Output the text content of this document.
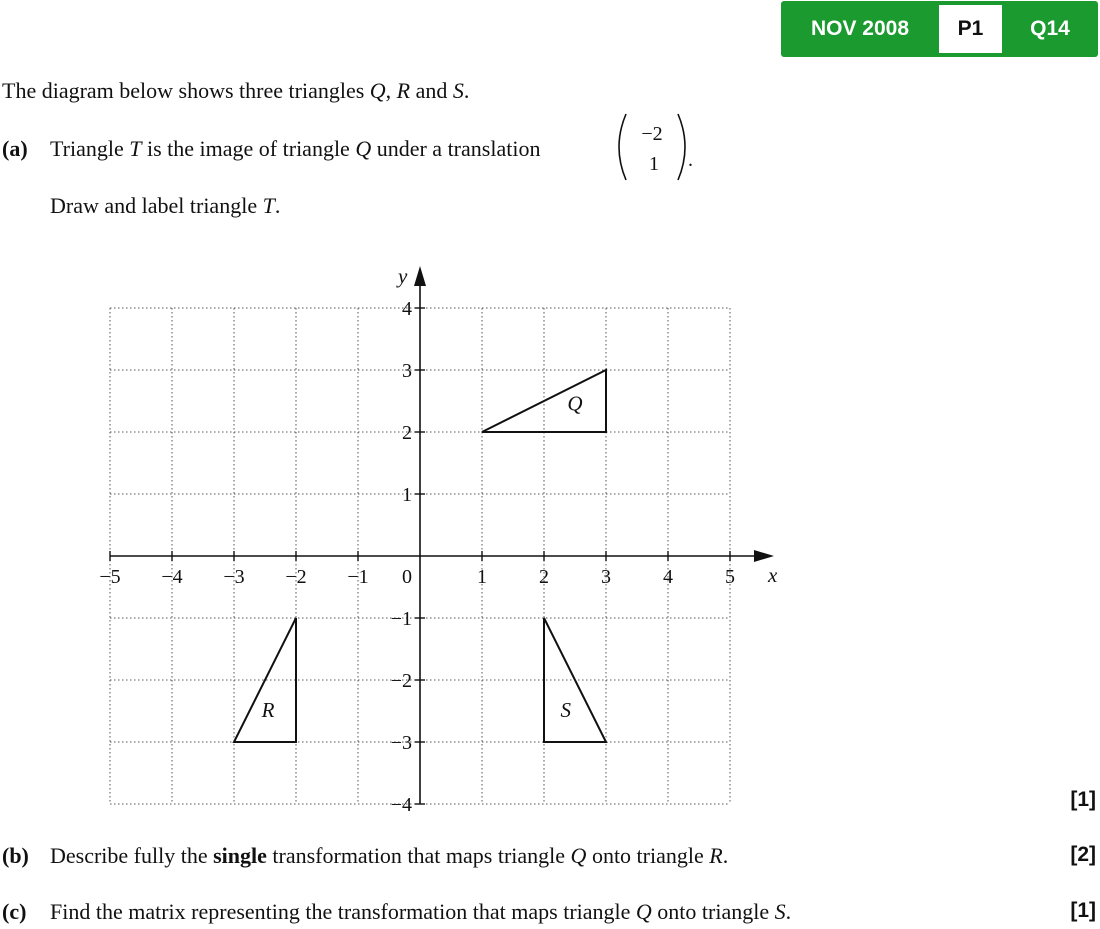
NOV 2008	P1	Q14
The diagram below shows three triangles Q, R and S.
(a) Triangle T is the image of triangle Q under a translation
−2
1 .
Draw and label triangle T.
x
y
−5 −4 −3 −2 −1 0	1	2	3	4	5
4
3
2
1
−1
−2
−3
−4
Q
R	S
[1]
(b) Describe fully the single transformation that maps triangle Q onto triangle R.	[2]
(c) Find the matrix representing the transformation that maps triangle Q onto triangle S.	[1]
